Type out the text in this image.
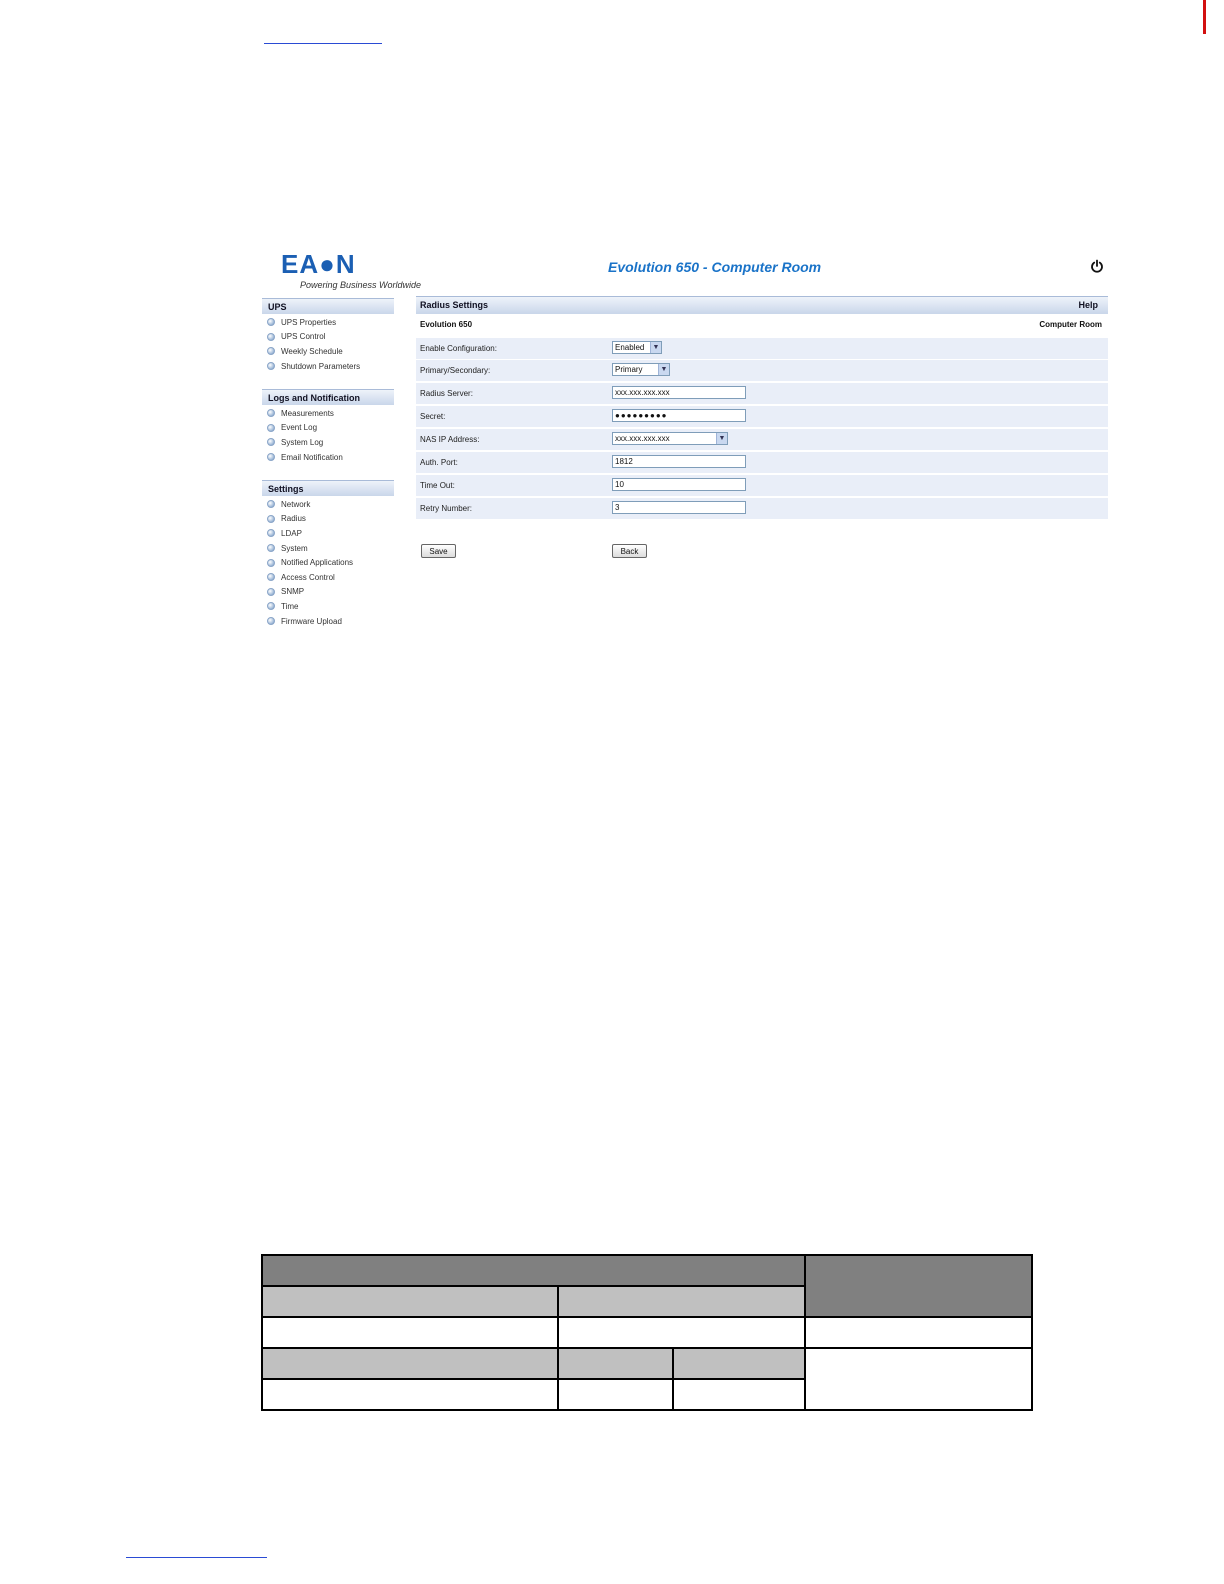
EA●N
Powering Business Worldwide
Evolution 650 - Computer Room
UPS
UPS Properties
UPS Control
Weekly Schedule
Shutdown Parameters
Logs and Notification
Measurements
Event Log
System Log
Email Notification
Settings
Network
Radius
LDAP
System
Notified Applications
Access Control
SNMP
Time
Firmware Upload
Radius Settings	Help
Evolution 650	Computer Room
Enable Configuration:	Enabled	▼
Primary/Secondary:	Primary	▼
Radius Server:	xxx.xxx.xxx.xxx
Secret:	●●●●●●●●●
NAS IP Address:	xxx.xxx.xxx.xxx	▼
Auth. Port:	1812
Time Out:	10
Retry Number:	3
Save	Back
